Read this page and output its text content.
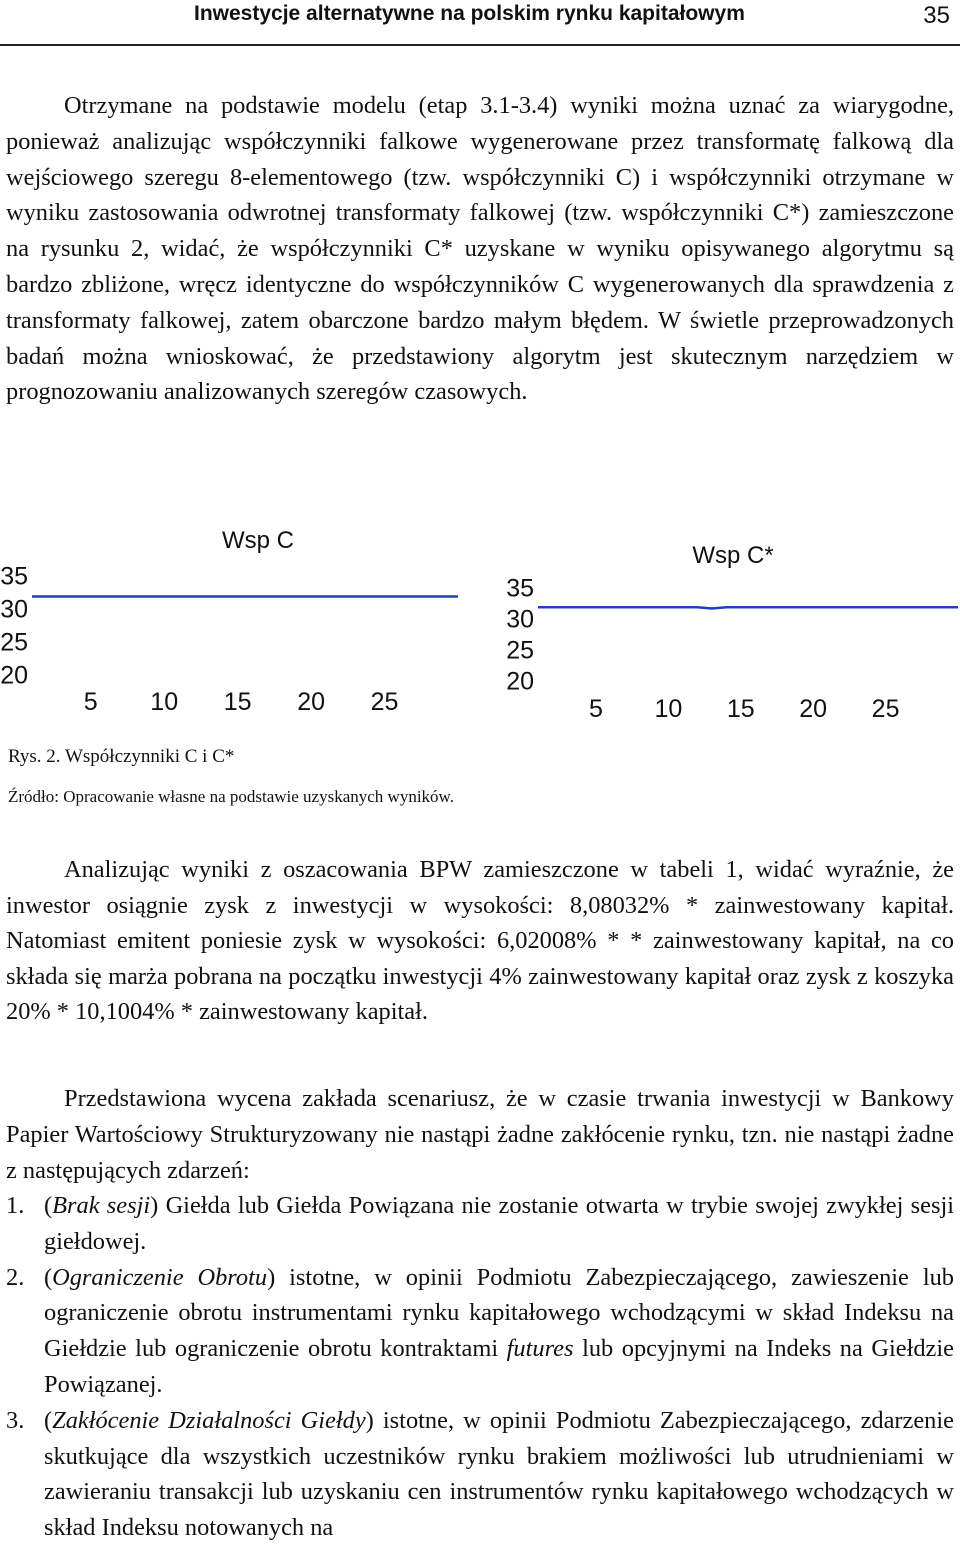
Inwestycje alternatywne na polskim rynku kapitałowym	35

Otrzymane na podstawie modelu (etap 3.1-3.4) wyniki można uznać za wiarygodne, ponieważ analizując współczynniki falkowe wygenerowane przez transformatę falkową dla wejściowego szeregu 8-elementowego (tzw. współczynniki C) i współczynniki otrzymane w wyniku zastosowania odwrotnej transformaty falkowej (tzw. współczynniki C*) zamieszczone na rysunku 2, widać, że współczynniki C* uzyskane w wyniku opisywanego algorytmu są bardzo zbliżone, wręcz identyczne do współczynników C wygenerowanych dla sprawdzenia z transformaty falkowej, zatem obarczone bardzo małym błędem. W świetle przeprowadzonych badań można wnioskować, że przedstawiony algorytm jest skutecznym narzędziem w prognozowaniu analizowanych szeregów czasowych.

Wsp C
20
25
30
35
5 10 15 20 25
Wsp C*
20
25
30
35
5 10 15 20 25
Rys. 2. Współczynniki C i C*
Źródło: Opracowanie własne na podstawie uzyskanych wyników.

Analizując wyniki z oszacowania BPW zamieszczone w tabeli 1, widać wyraźnie, że inwestor osiągnie zysk z inwestycji w wysokości: 8,08032% * zainwestowany kapitał. Natomiast emitent poniesie zysk w wysokości: 6,02008% * * zainwestowany kapitał, na co składa się marża pobrana na początku inwestycji 4% zainwestowany kapitał oraz zysk z koszyka 20% * 10,1004% * zainwestowany kapitał.

Przedstawiona wycena zakłada scenariusz, że w czasie trwania inwestycji w Bankowy Papier Wartościowy Strukturyzowany nie nastąpi żadne zakłócenie rynku, tzn. nie nastąpi żadne z następujących zdarzeń:

1. (Brak sesji) Giełda lub Giełda Powiązana nie zostanie otwarta w trybie swojej zwykłej sesji giełdowej.
2. (Ograniczenie Obrotu) istotne, w opinii Podmiotu Zabezpieczającego, zawieszenie lub ograniczenie obrotu instrumentami rynku kapitałowego wchodzącymi w skład Indeksu na Giełdzie lub ograniczenie obrotu kontraktami futures lub opcyjnymi na Indeks na Giełdzie Powiązanej.
3. (Zakłócenie Działalności Giełdy) istotne, w opinii Podmiotu Zabezpieczającego, zdarzenie skutkujące dla wszystkich uczestników rynku brakiem możliwości lub utrudnieniami w zawieraniu transakcji lub uzyskaniu cen instrumentów rynku kapitałowego wchodzących w skład Indeksu notowanych na
